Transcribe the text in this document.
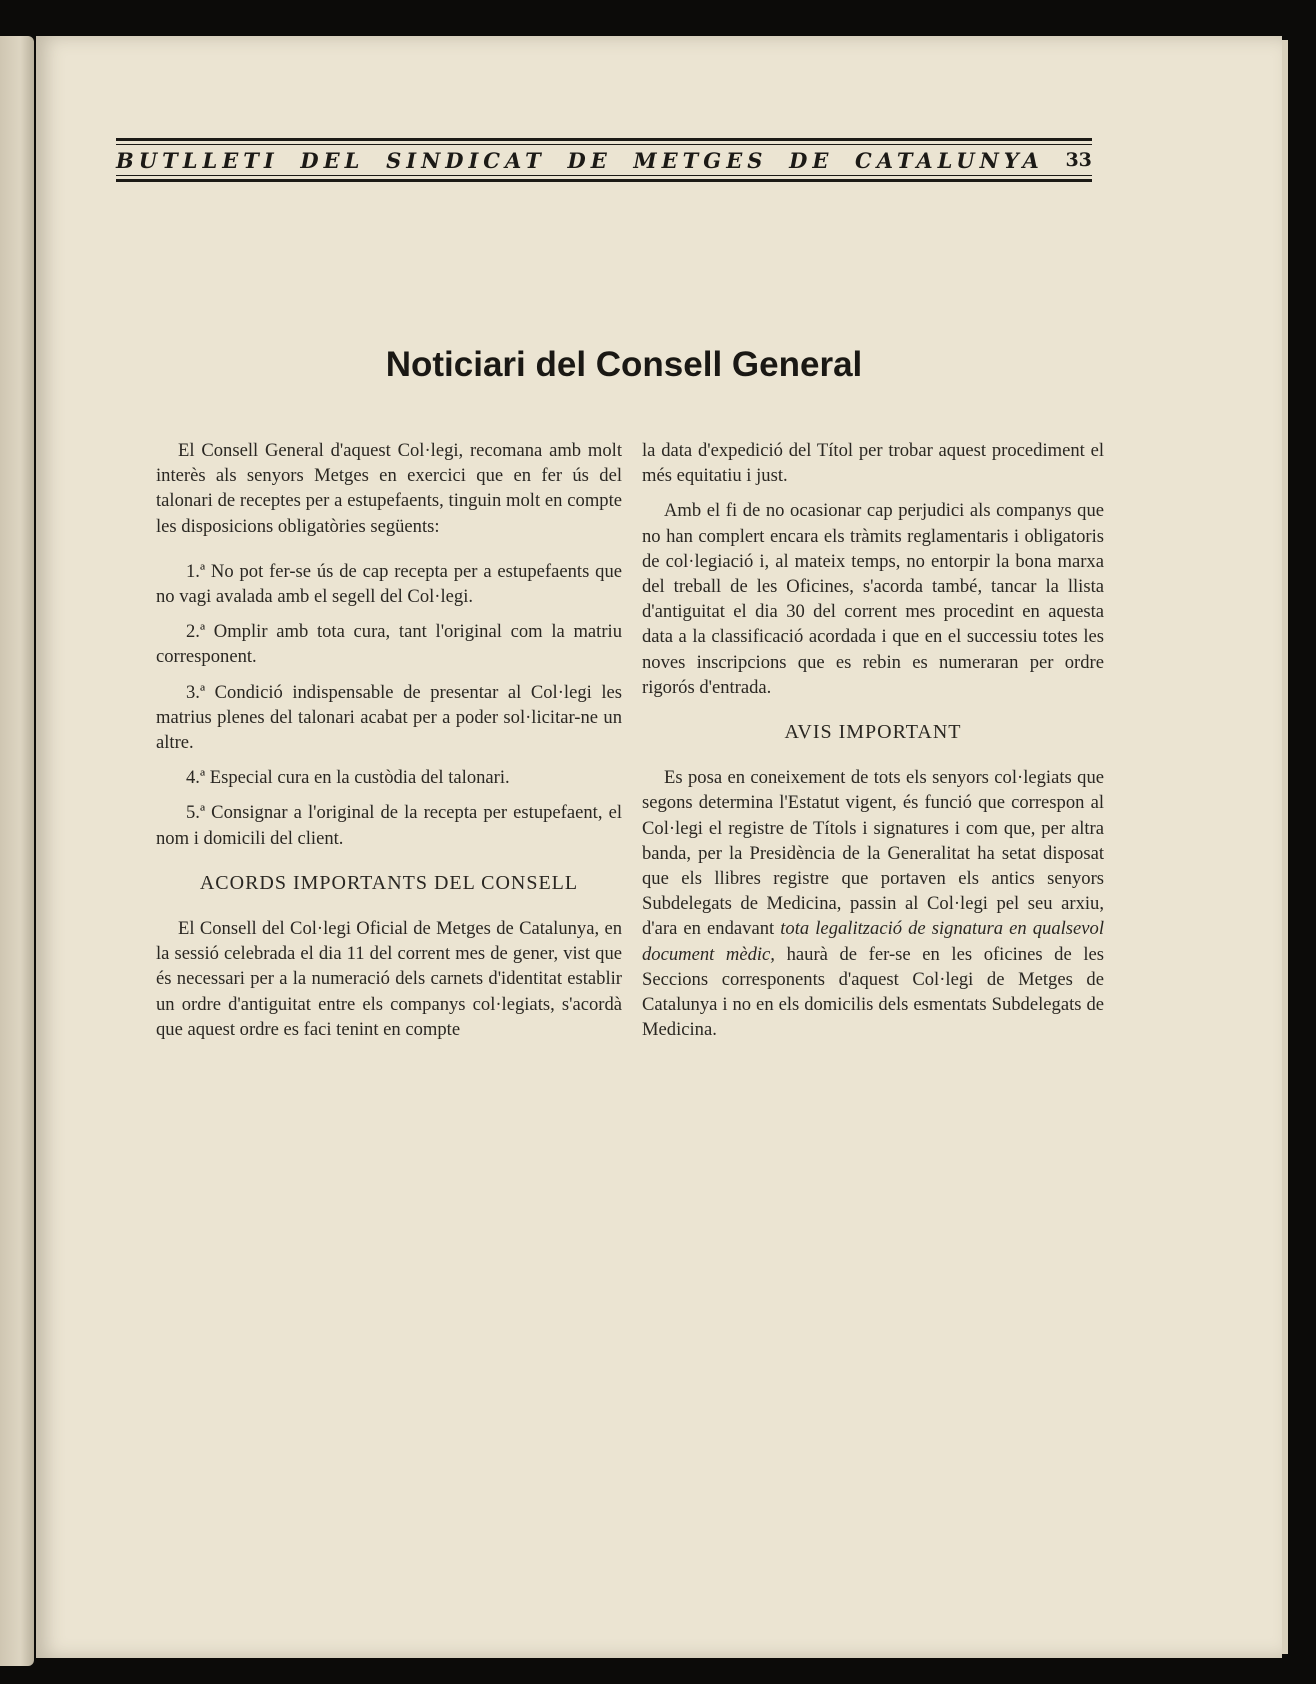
BUTLLETI DEL SINDICAT DE METGES DE CATALUNYA 33
Noticiari del Consell General

El Consell General d'aquest Col·legi, recomana amb molt interès als senyors Metges en exercici que en fer ús del talonari de receptes per a estupefaents, tinguin molt en compte les disposicions obligatòries següents:

1.ª No pot fer-se ús de cap recepta per a estupefaents que no vagi avalada amb el segell del Col·legi.

2.ª Omplir amb tota cura, tant l'original com la matriu corresponent.

3.ª Condició indispensable de presentar al Col·legi les matrius plenes del talonari acabat per a poder sol·licitar-ne un altre.

4.ª Especial cura en la custòdia del talonari.

5.ª Consignar a l'original de la recepta per estupefaent, el nom i domicili del client.

ACORDS IMPORTANTS DEL CONSELL

El Consell del Col·legi Oficial de Metges de Catalunya, en la sessió celebrada el dia 11 del corrent mes de gener, vist que és necessari per a la numeració dels carnets d'identitat establir un ordre d'antiguitat entre els companys col·legiats, s'acordà que aquest ordre es faci tenint en compte

la data d'expedició del Títol per trobar aquest procediment el més equitatiu i just.

Amb el fi de no ocasionar cap perjudici als companys que no han complert encara els tràmits reglamentaris i obligatoris de col·legiació i, al mateix temps, no entorpir la bona marxa del treball de les Oficines, s'acorda també, tancar la llista d'antiguitat el dia 30 del corrent mes procedint en aquesta data a la classificació acordada i que en el successiu totes les noves inscripcions que es rebin es numeraran per ordre rigorós d'entrada.

AVIS IMPORTANT

Es posa en coneixement de tots els senyors col·legiats que segons determina l'Estatut vigent, és funció que correspon al Col·legi el registre de Títols i signatures i com que, per altra banda, per la Presidència de la Generalitat ha setat disposat que els llibres registre que portaven els antics senyors Subdelegats de Medicina, passin al Col·legi pel seu arxiu, d'ara en endavant tota legalització de signatura en qualsevol document mèdic, haurà de fer-se en les oficines de les Seccions corresponents d'aquest Col·legi de Metges de Catalunya i no en els domicilis dels esmentats Subdelegats de Medicina.
